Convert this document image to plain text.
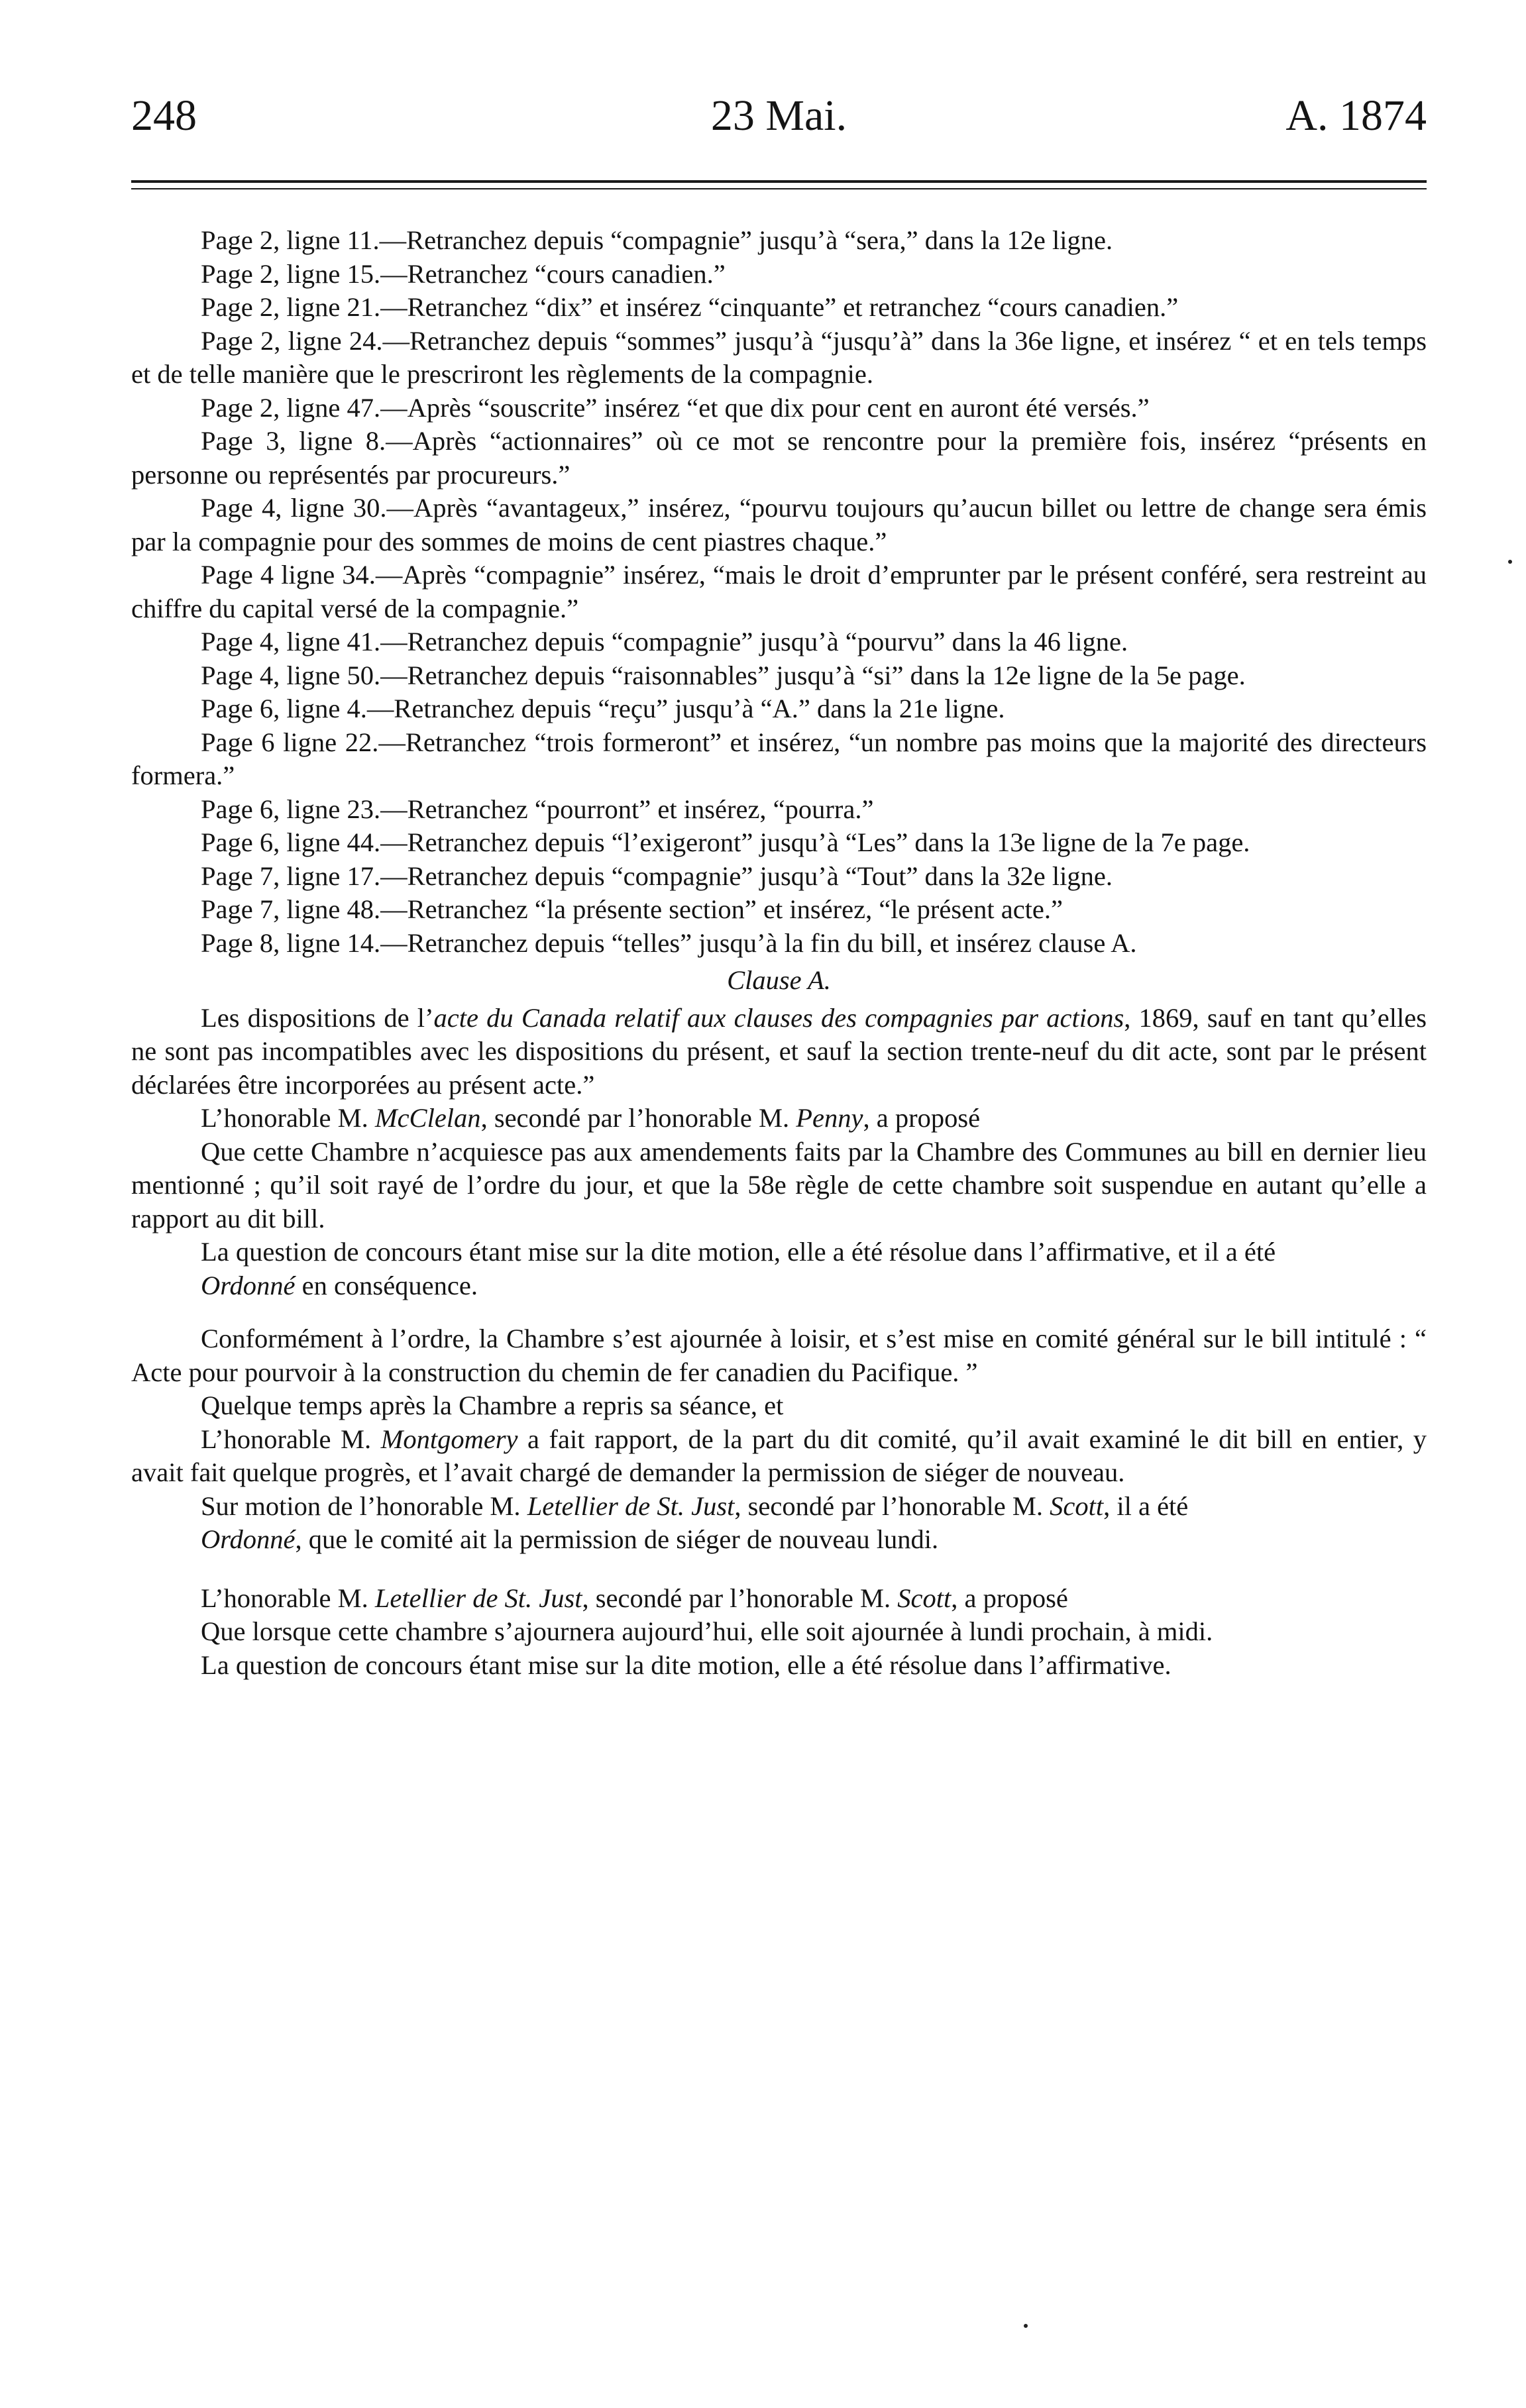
248	23 Mai.	A. 1874

Page 2, ligne 11.—Retranchez depuis “compagnie” jusqu’à “sera,” dans la 12e ligne.

Page 2, ligne 15.—Retranchez “cours canadien.”

Page 2, ligne 21.—Retranchez “dix” et insérez “cinquante” et retranchez “cours canadien.”

Page 2, ligne 24.—Retranchez depuis “sommes” jusqu’à “jusqu’à” dans la 36e ligne, et insérez “ et en tels temps et de telle manière que le prescriront les règlements de la compagnie.

Page 2, ligne 47.—Après “souscrite” insérez “et que dix pour cent en auront été versés.”

Page 3, ligne 8.—Après “actionnaires” où ce mot se rencontre pour la première fois, insérez “présents en personne ou représentés par procureurs.”

Page 4, ligne 30.—Après “avantageux,” insérez, “pourvu toujours qu’aucun billet ou lettre de change sera émis par la compagnie pour des sommes de moins de cent piastres chaque.”

Page 4 ligne 34.—Après “compagnie” insérez, “mais le droit d’emprunter par le présent conféré, sera restreint au chiffre du capital versé de la compagnie.”

Page 4, ligne 41.—Retranchez depuis “compagnie” jusqu’à “pourvu” dans la 46 ligne.

Page 4, ligne 50.—Retranchez depuis “raisonnables” jusqu’à “si” dans la 12e ligne de la 5e page.

Page 6, ligne 4.—Retranchez depuis “reçu” jusqu’à “A.” dans la 21e ligne.

Page 6 ligne 22.—Retranchez “trois formeront” et insérez, “un nombre pas moins que la majorité des directeurs formera.”

Page 6, ligne 23.—Retranchez “pourront” et insérez, “pourra.”

Page 6, ligne 44.—Retranchez depuis “l’exigeront” jusqu’à “Les” dans la 13e ligne de la 7e page.

Page 7, ligne 17.—Retranchez depuis “compagnie” jusqu’à “Tout” dans la 32e ligne.

Page 7, ligne 48.—Retranchez “la présente section” et insérez, “le présent acte.”

Page 8, ligne 14.—Retranchez depuis “telles” jusqu’à la fin du bill, et insérez clause A.

Clause A.

Les dispositions de l’acte du Canada relatif aux clauses des compagnies par actions, 1869, sauf en tant qu’elles ne sont pas incompatibles avec les dispositions du présent, et sauf la section trente-neuf du dit acte, sont par le présent déclarées être incorporées au présent acte.”

L’honorable M. McClelan, secondé par l’honorable M. Penny, a proposé

Que cette Chambre n’acquiesce pas aux amendements faits par la Chambre des Communes au bill en dernier lieu mentionné ; qu’il soit rayé de l’ordre du jour, et que la 58e règle de cette chambre soit suspendue en autant qu’elle a rapport au dit bill.

La question de concours étant mise sur la dite motion, elle a été résolue dans l’affirmative, et il a été

Ordonné en conséquence.

Conformément à l’ordre, la Chambre s’est ajournée à loisir, et s’est mise en comité général sur le bill intitulé : “ Acte pour pourvoir à la construction du chemin de fer canadien du Pacifique. ”

Quelque temps après la Chambre a repris sa séance, et

L’honorable M. Montgomery a fait rapport, de la part du dit comité, qu’il avait examiné le dit bill en entier, y avait fait quelque progrès, et l’avait chargé de demander la permission de siéger de nouveau.

Sur motion de l’honorable M. Letellier de St. Just, secondé par l’honorable M. Scott, il a été

Ordonné, que le comité ait la permission de siéger de nouveau lundi.

L’honorable M. Letellier de St. Just, secondé par l’honorable M. Scott, a proposé

Que lorsque cette chambre s’ajournera aujourd’hui, elle soit ajournée à lundi prochain, à midi.

La question de concours étant mise sur la dite motion, elle a été résolue dans l’affirmative.
